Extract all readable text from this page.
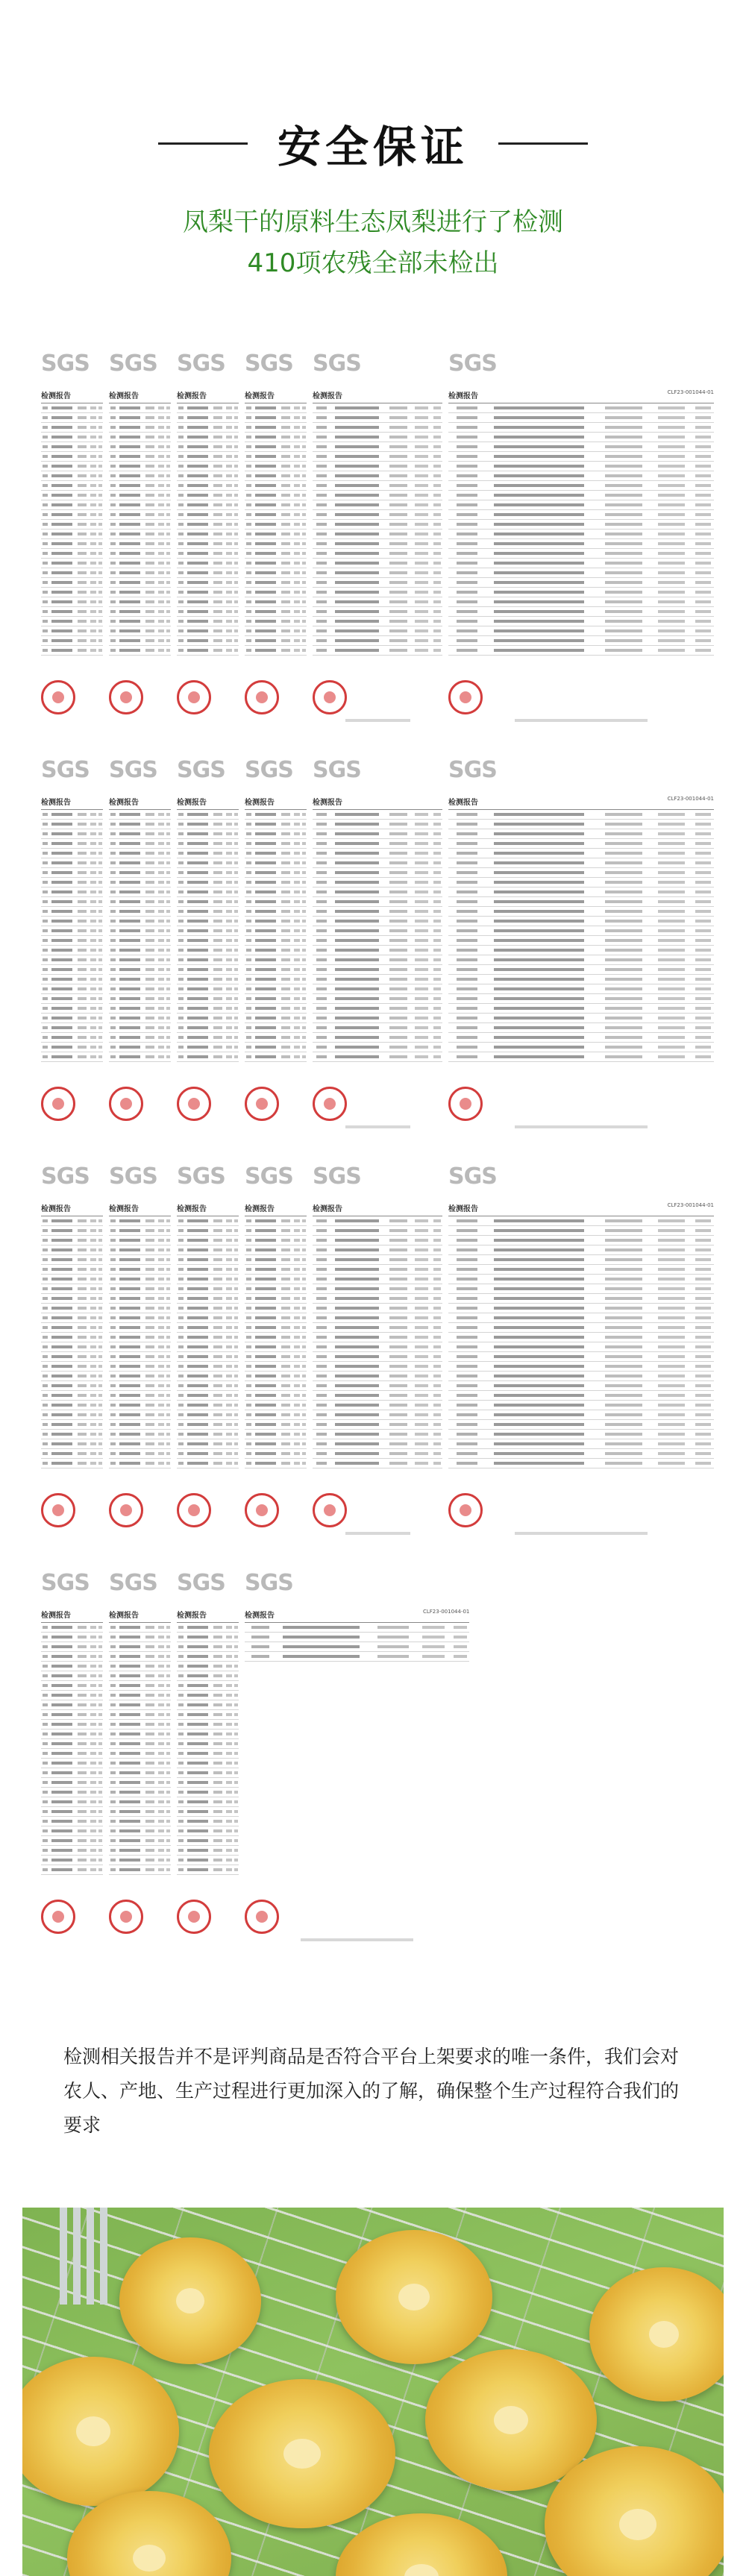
安全保证
凤梨干的原料生态凤梨进行了检测
410项农残全部未检出
SGS
检测报告
SGS
检测报告
SGS
检测报告
SGS
检测报告
SGS
检测报告
SGS
检测报告	CLF23-001044-01
SGS
检测报告
SGS
检测报告
SGS
检测报告
SGS
检测报告
SGS
检测报告
SGS
检测报告	CLF23-001044-01
SGS
检测报告
SGS
检测报告
SGS
检测报告
SGS
检测报告
SGS
检测报告
SGS
检测报告	CLF23-001044-01
SGS
检测报告
SGS
检测报告
SGS
检测报告
SGS
检测报告	CLF23-001044-01

检测相关报告并不是评判商品是否符合平台上架要求的唯一条件，我们会对农人、产地、生产过程进行更加深入的了解，确保整个生产过程符合我们的要求
